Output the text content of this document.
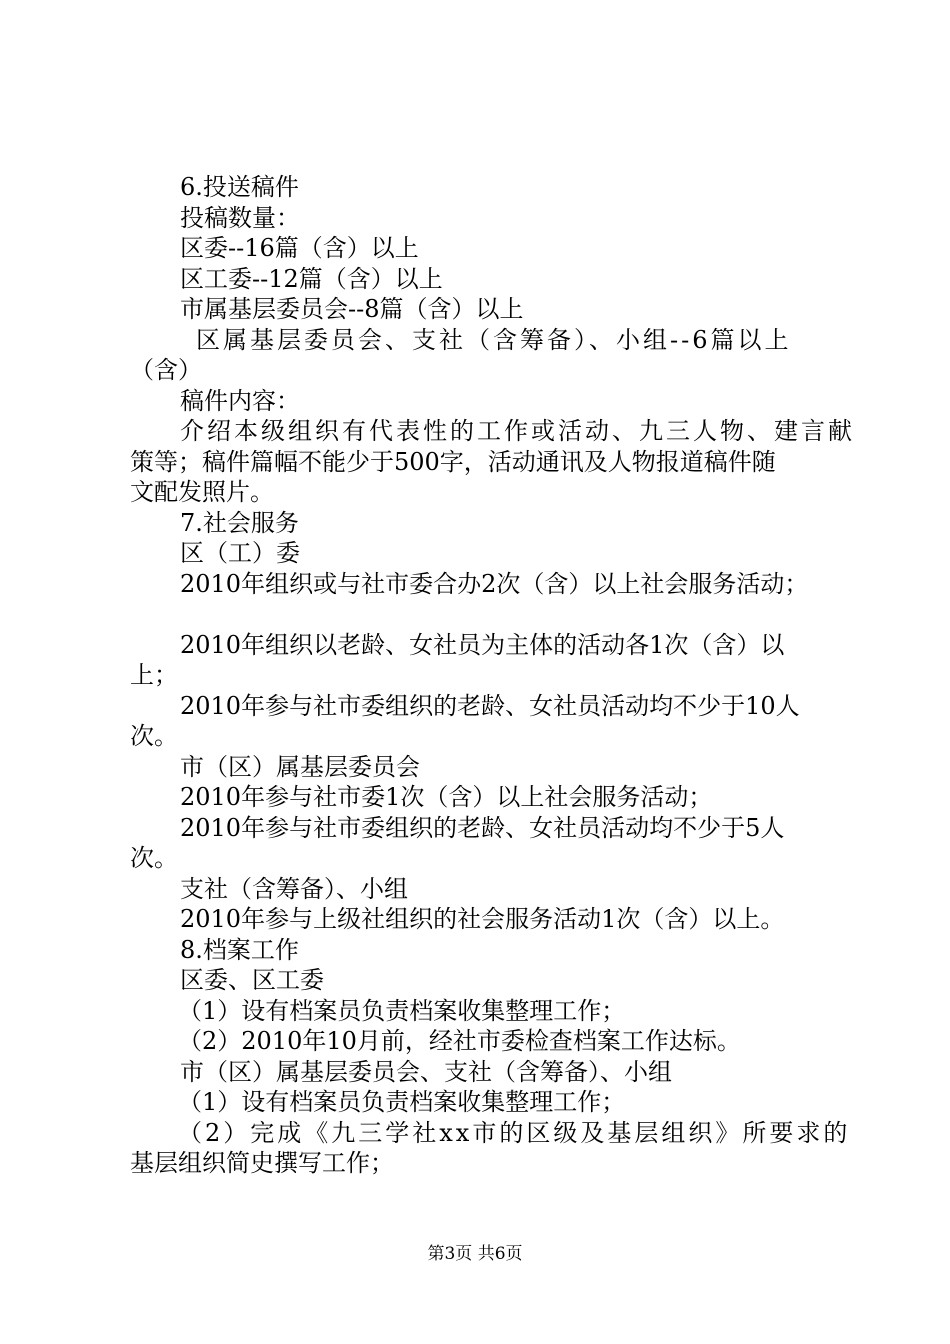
6.投送稿件

投稿数量：

区委--16篇（含）以上

区工委--12篇（含）以上

市属基层委员会--8篇（含）以上

区属基层委员会、支社（含筹备）、小组--6篇以上

（含）

稿件内容：

介绍本级组织有代表性的工作或活动、九三人物、建言献

策等；稿件篇幅不能少于500字，活动通讯及人物报道稿件随

文配发照片。

7.社会服务

区（工）委

2010年组织或与社市委合办2次（含）以上社会服务活动；

2010年组织以老龄、女社员为主体的活动各1次（含）以

上；

2010年参与社市委组织的老龄、女社员活动均不少于10人

次。

市（区）属基层委员会

2010年参与社市委1次（含）以上社会服务活动；

2010年参与社市委组织的老龄、女社员活动均不少于5人

次。

支社（含筹备）、小组

2010年参与上级社组织的社会服务活动1次（含）以上。

8.档案工作

区委、区工委

（1）设有档案员负责档案收集整理工作；

（2）2010年10月前，经社市委检查档案工作达标。

市（区）属基层委员会、支社（含筹备）、小组

（1）设有档案员负责档案收集整理工作；

（2）完成《九三学社xx市的区级及基层组织》所要求的

基层组织简史撰写工作；

第3页 共6页
